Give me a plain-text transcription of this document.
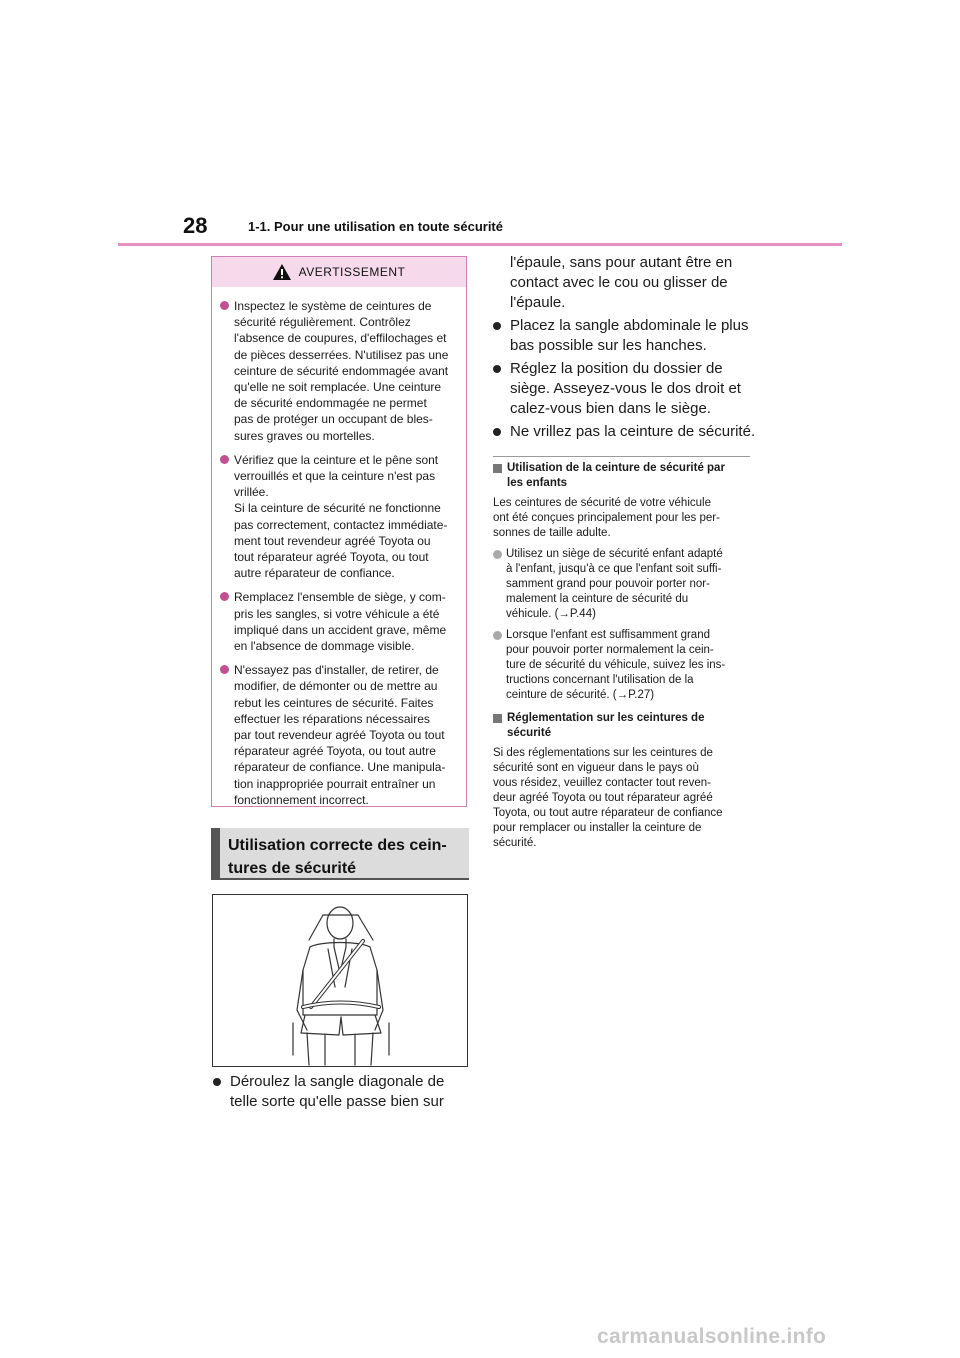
28	1-1. Pour une utilisation en toute sécurité
AVERTISSEMENT
Inspectez le système de ceintures de
sécurité régulièrement. Contrôlez
l'absence de coupures, d'effilochages et
de pièces desserrées. N'utilisez pas une
ceinture de sécurité endommagée avant
qu'elle ne soit remplacée. Une ceinture
de sécurité endommagée ne permet
pas de protéger un occupant de bles-
sures graves ou mortelles.
Vérifiez que la ceinture et le pêne sont
verrouillés et que la ceinture n'est pas
vrillée.
Si la ceinture de sécurité ne fonctionne
pas correctement, contactez immédiate-
ment tout revendeur agréé Toyota ou
tout réparateur agréé Toyota, ou tout
autre réparateur de confiance.
Remplacez l'ensemble de siège, y com-
pris les sangles, si votre véhicule a été
impliqué dans un accident grave, même
en l'absence de dommage visible.
N'essayez pas d'installer, de retirer, de
modifier, de démonter ou de mettre au
rebut les ceintures de sécurité. Faites
effectuer les réparations nécessaires
par tout revendeur agréé Toyota ou tout
réparateur agréé Toyota, ou tout autre
réparateur de confiance. Une manipula-
tion inappropriée pourrait entraîner un
fonctionnement incorrect.
Utilisation correcte des cein-
tures de sécurité
Déroulez la sangle diagonale de
telle sorte qu'elle passe bien sur
l'épaule, sans pour autant être en
contact avec le cou ou glisser de
l'épaule.
Placez la sangle abdominale le plus
bas possible sur les hanches.
Réglez la position du dossier de
siège. Asseyez-vous le dos droit et
calez-vous bien dans le siège.
Ne vrillez pas la ceinture de sécurité.
Utilisation de la ceinture de sécurité par
les enfants
Les ceintures de sécurité de votre véhicule
ont été conçues principalement pour les per-
sonnes de taille adulte.
Utilisez un siège de sécurité enfant adapté
à l'enfant, jusqu'à ce que l'enfant soit suffi-
samment grand pour pouvoir porter nor-
malement la ceinture de sécurité du
véhicule. (→P.44)
Lorsque l'enfant est suffisamment grand
pour pouvoir porter normalement la cein-
ture de sécurité du véhicule, suivez les ins-
tructions concernant l'utilisation de la
ceinture de sécurité. (→P.27)
Réglementation sur les ceintures de
sécurité
Si des réglementations sur les ceintures de
sécurité sont en vigueur dans le pays où
vous résidez, veuillez contacter tout reven-
deur agréé Toyota ou tout réparateur agréé
Toyota, ou tout autre réparateur de confiance
pour remplacer ou installer la ceinture de
sécurité.
carmanualsonline.info
